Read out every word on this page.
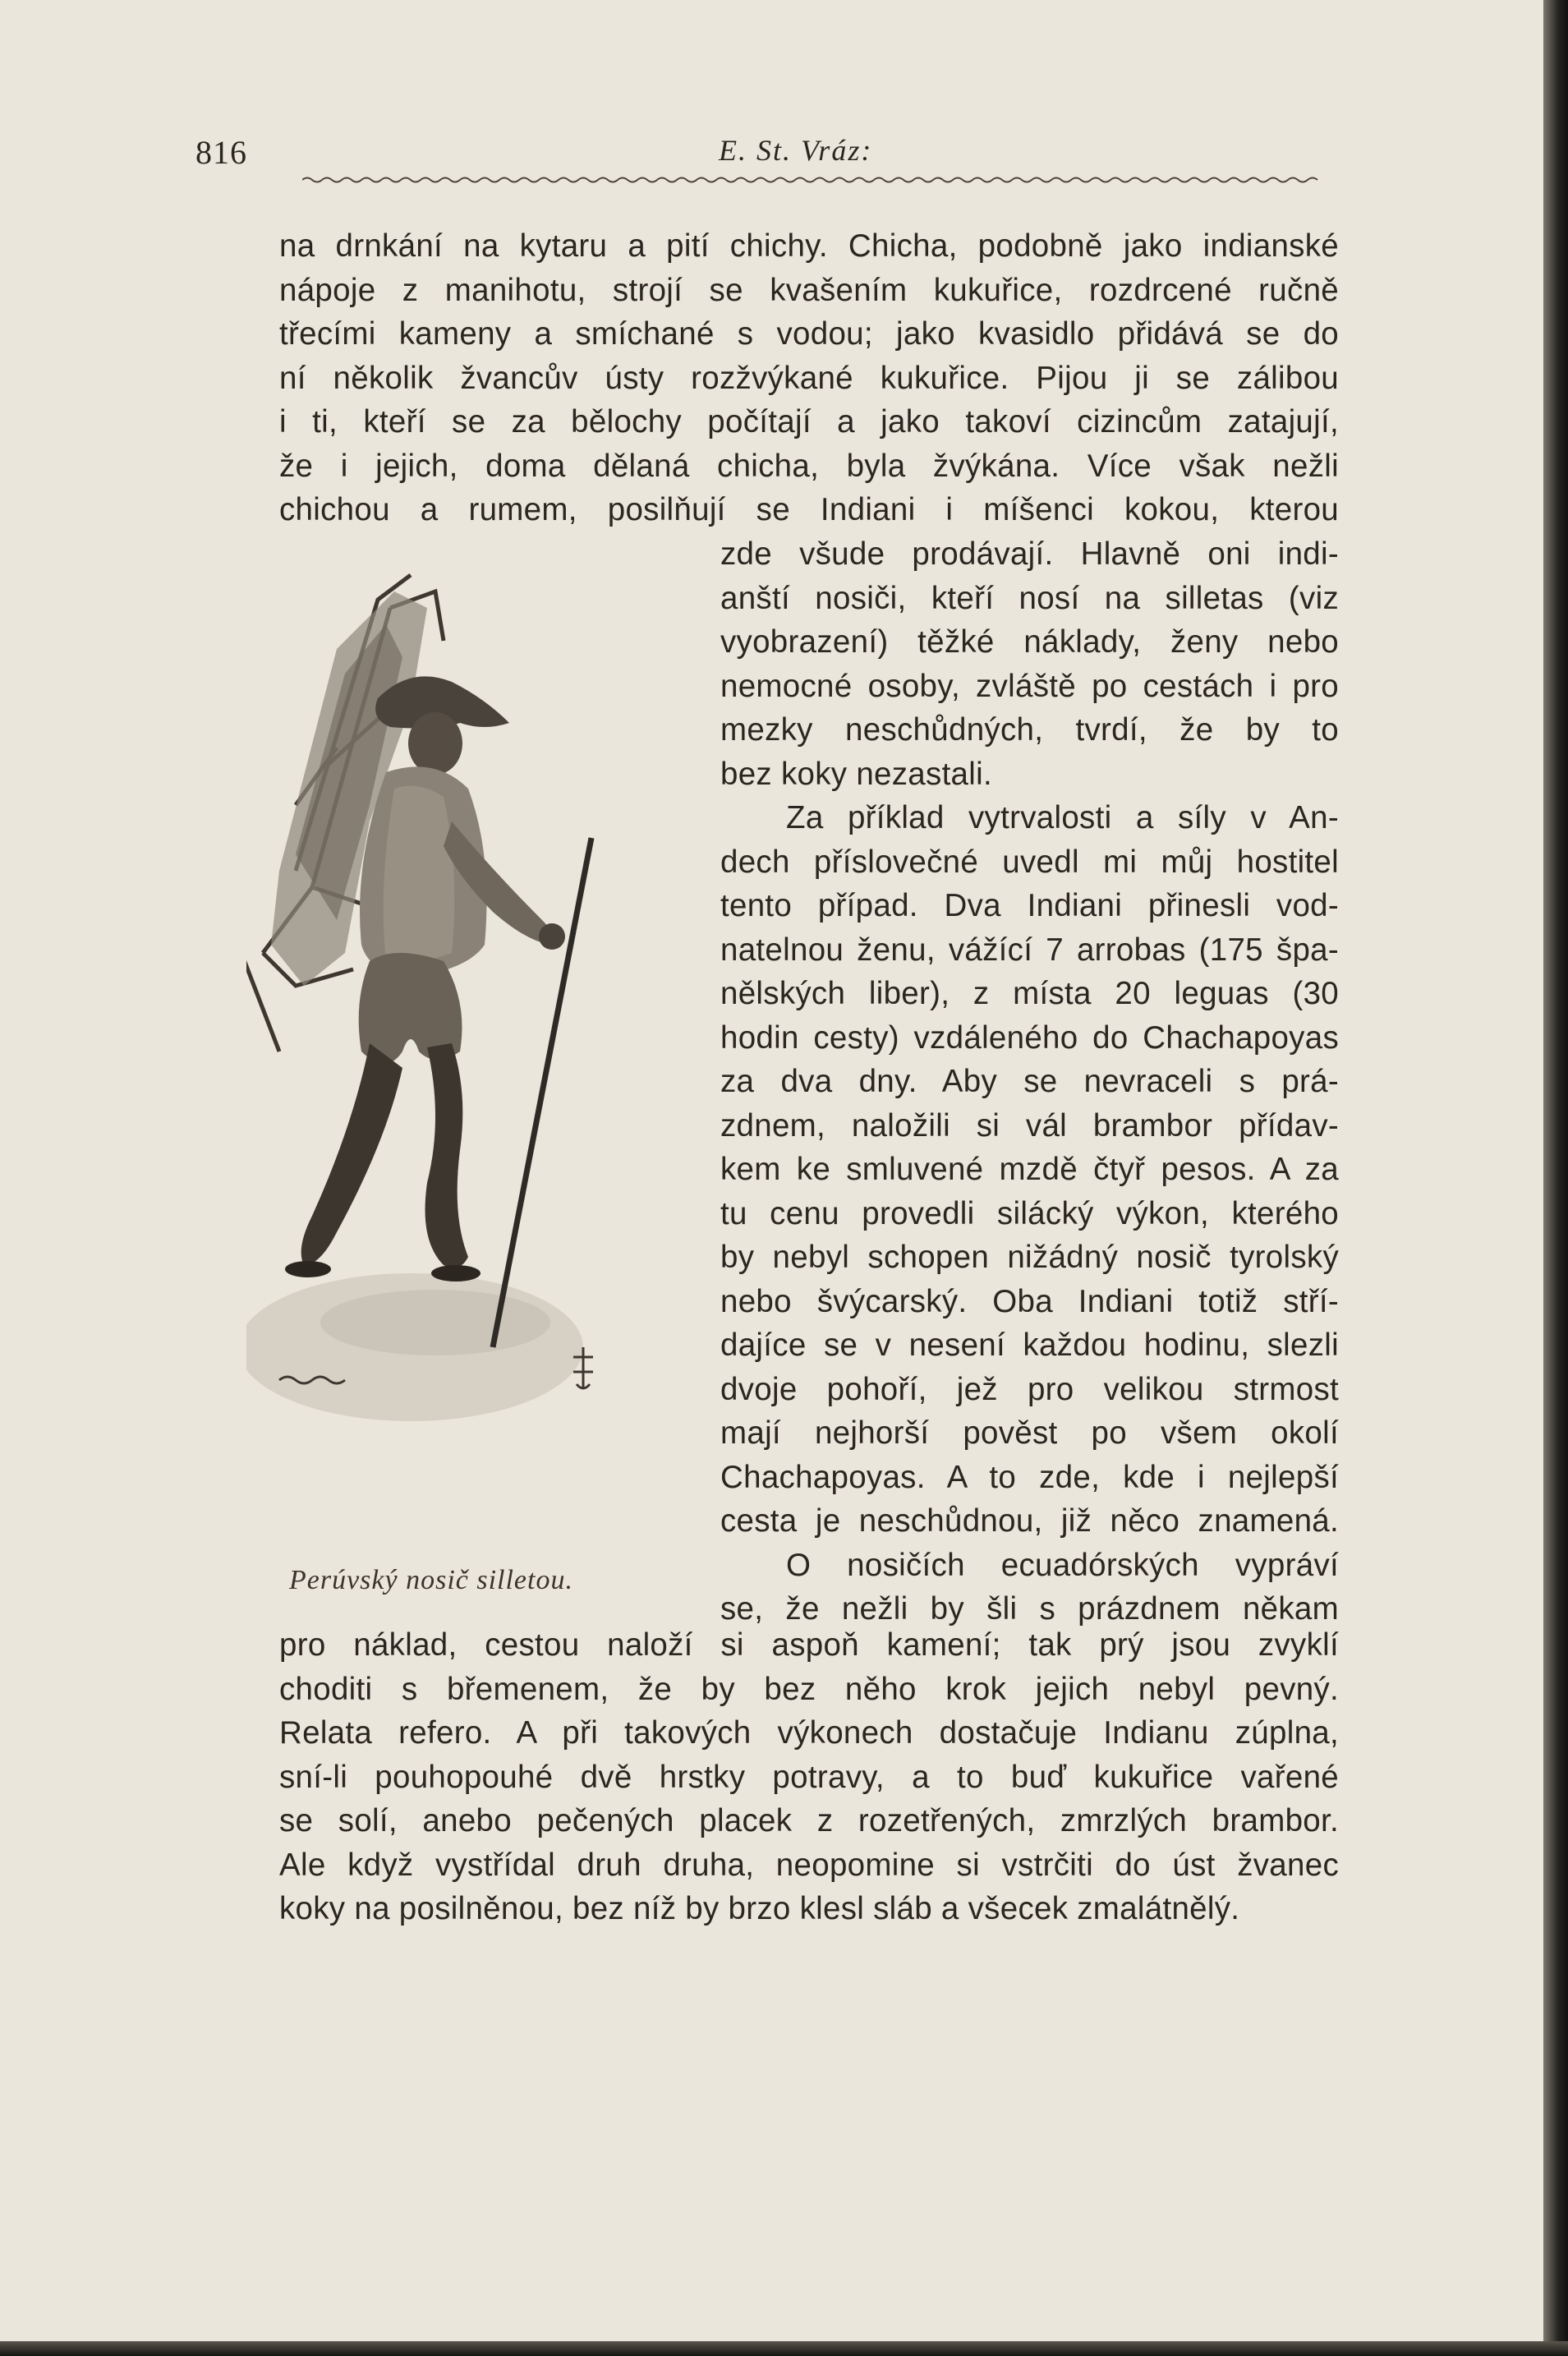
816	E. St. Vráz:
na drnkání na kytaru a pití chichy. Chicha, podobně jako indianské
nápoje z manihotu, strojí se kvašením kukuřice, rozdrcené ručně
třecími kameny a smíchané s vodou; jako kvasidlo přidává se do
ní několik žvancův ústy rozžvýkané kukuřice. Pijou ji se zálibou
i ti, kteří se za bělochy počítají a jako takoví cizincům zatajují,
že i jejich, doma dělaná chicha, byla žvýkána. Více však nežli
chichou a rumem, posilňují se Indiani i míšenci kokou, kterou
zde všude prodávají. Hlavně oni indi-
anští nosiči, kteří nosí na silletas (viz
vyobrazení) těžké náklady, ženy nebo
nemocné osoby, zvláště po cestách i pro
mezky neschůdných, tvrdí, že by to
bez koky nezastali.
Za příklad vytrvalosti a síly v An-
dech příslovečné uvedl mi můj hostitel
tento případ. Dva Indiani přinesli vod-
natelnou ženu, vážící 7 arrobas (175 špa-
nělských liber), z místa 20 leguas (30
hodin cesty) vzdáleného do Chachapoyas
za dva dny. Aby se nevraceli s prá-
zdnem, naložili si vál brambor přídav-
kem ke smluvené mzdě čtyř pesos. A za
tu cenu provedli silácký výkon, kterého
by nebyl schopen nižádný nosič tyrolský
nebo švýcarský. Oba Indiani totiž stří-
dajíce se v nesení každou hodinu, slezli
dvoje pohoří, jež pro velikou strmost
mají nejhorší pověst po všem okolí
Chachapoyas. A to zde, kde i nejlepší
cesta je neschůdnou, již něco znamená.
O nosičích ecuadórských vypráví
se, že nežli by šli s prázdnem někam
pro náklad, cestou naloží si aspoň kamení; tak prý jsou zvyklí
choditi s břemenem, že by bez něho krok jejich nebyl pevný.
Relata refero. A při takových výkonech dostačuje Indianu zúplna,
sní-li pouhopouhé dvě hrstky potravy, a to buď kukuřice vařené
se solí, anebo pečených placek z rozetřených, zmrzlých brambor.
Ale když vystřídal druh druha, neopomine si vstrčiti do úst žvanec
koky na posilněnou, bez níž by brzo klesl sláb a všecek zmalátnělý.
Perúvský nosič silletou.
